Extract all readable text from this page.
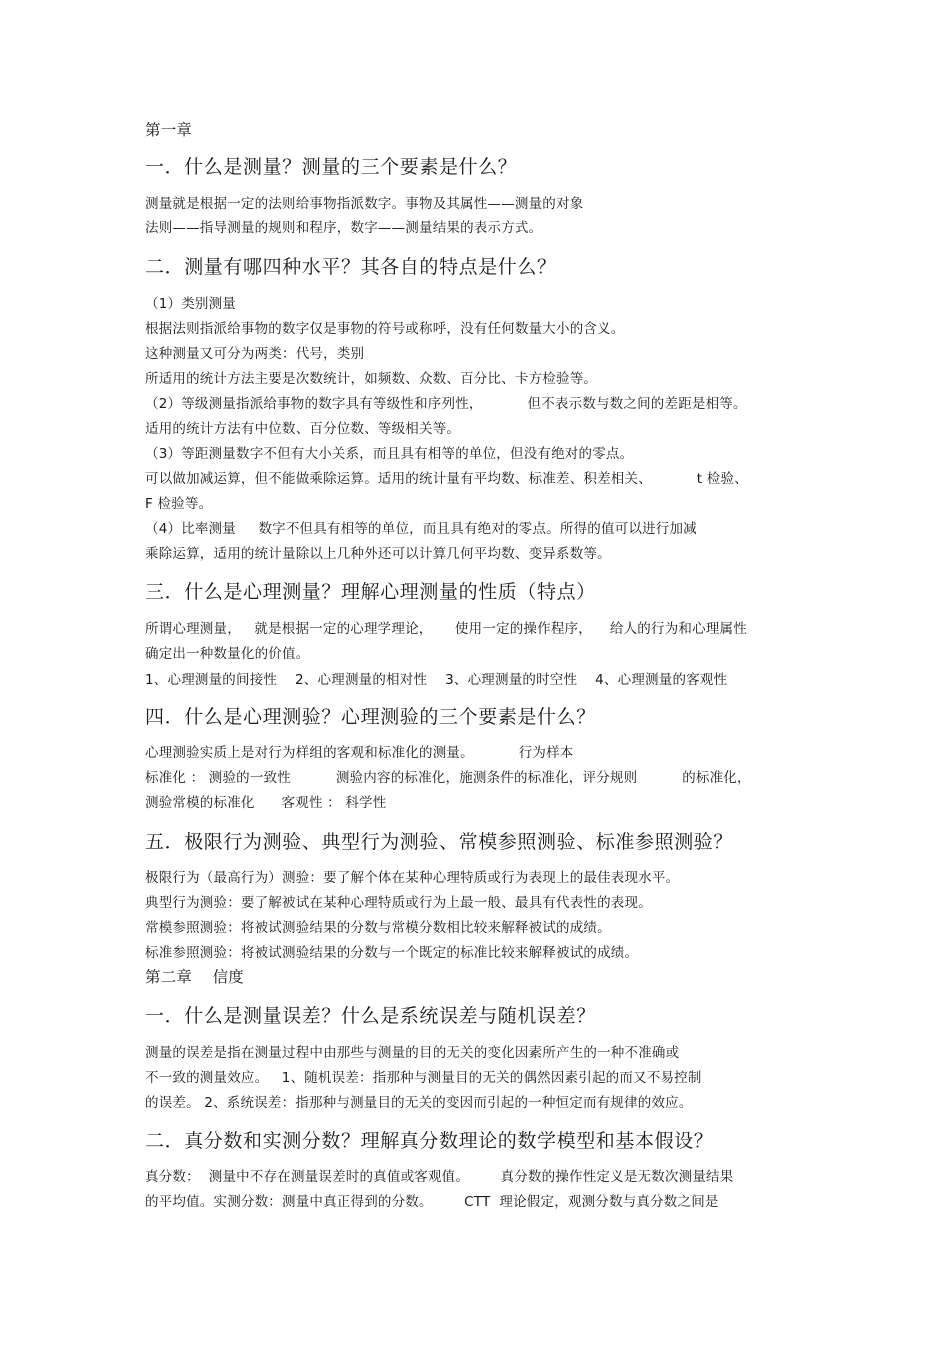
第一章
一．什么是测量？测量的三个要素是什么？
测量就是根据一定的法则给事物指派数字。事物及其属性——测量的对象
法则——指导测量的规则和程序，数字——测量结果的表示方式。
二．测量有哪四种水平？其各自的特点是什么？
（1）类别测量
根据法则指派给事物的数字仅是事物的符号或称呼，没有任何数量大小的含义。
这种测量又可分为两类：代号，类别
所适用的统计方法主要是次数统计，如频数、众数、百分比、卡方检验等。
（2）等级测量指派给事物的数字具有等级性和序列性，          但不表示数与数之间的差距是相等。
适用的统计方法有中位数、百分位数、等级相关等。
（3）等距测量数字不但有大小关系，而且具有相等的单位，但没有绝对的零点。
可以做加减运算，但不能做乘除运算。适用的统计量有平均数、标准差、积差相关、          t 检验、
F 检验等。
（4）比率测量     数字不但具有相等的单位，而且具有绝对的零点。所得的值可以进行加减
乘除运算，适用的统计量除以上几种外还可以计算几何平均数、变异系数等。
三．什么是心理测量？理解心理测量的性质（特点）
所谓心理测量，   就是根据一定的心理学理论，     使用一定的操作程序，    给人的行为和心理属性
确定出一种数量化的价值。
1、心理测量的间接性    2、心理测量的相对性    3、心理测量的时空性    4、心理测量的客观性
四．什么是心理测验？心理测验的三个要素是什么？
心理测验实质上是对行为样组的客观和标准化的测量。          行为样本
标准化 ： 测验的一致性          测验内容的标准化，施测条件的标准化，评分规则          的标准化，
测验常模的标准化      客观性 ： 科学性
五．极限行为测验、典型行为测验、常模参照测验、标准参照测验？
极限行为（最高行为）测验：要了解个体在某种心理特质或行为表现上的最佳表现水平。
典型行为测验：要了解被试在某种心理特质或行为上最一般、最具有代表性的表现。
常模参照测验：将被试测验结果的分数与常模分数相比较来解释被试的成绩。
标准参照测验：将被试测验结果的分数与一个既定的标准比较来解释被试的成绩。
第二章    信度
一．什么是测量误差？什么是系统误差与随机误差？
测量的误差是指在测量过程中由那些与测量的目的无关的变化因素所产生的一种不准确或
不一致的测量效应。   1、随机误差：指那种与测量目的无关的偶然因素引起的而又不易控制
的误差。 2、系统误差：指那种与测量目的无关的变因而引起的一种恒定而有规律的效应。
二．真分数和实测分数？理解真分数理论的数学模型和基本假设？
真分数：  测量中不存在测量误差时的真值或客观值。       真分数的操作性定义是无数次测量结果
的平均值。实测分数：测量中真正得到的分数。       CTT  理论假定，观测分数与真分数之间是
